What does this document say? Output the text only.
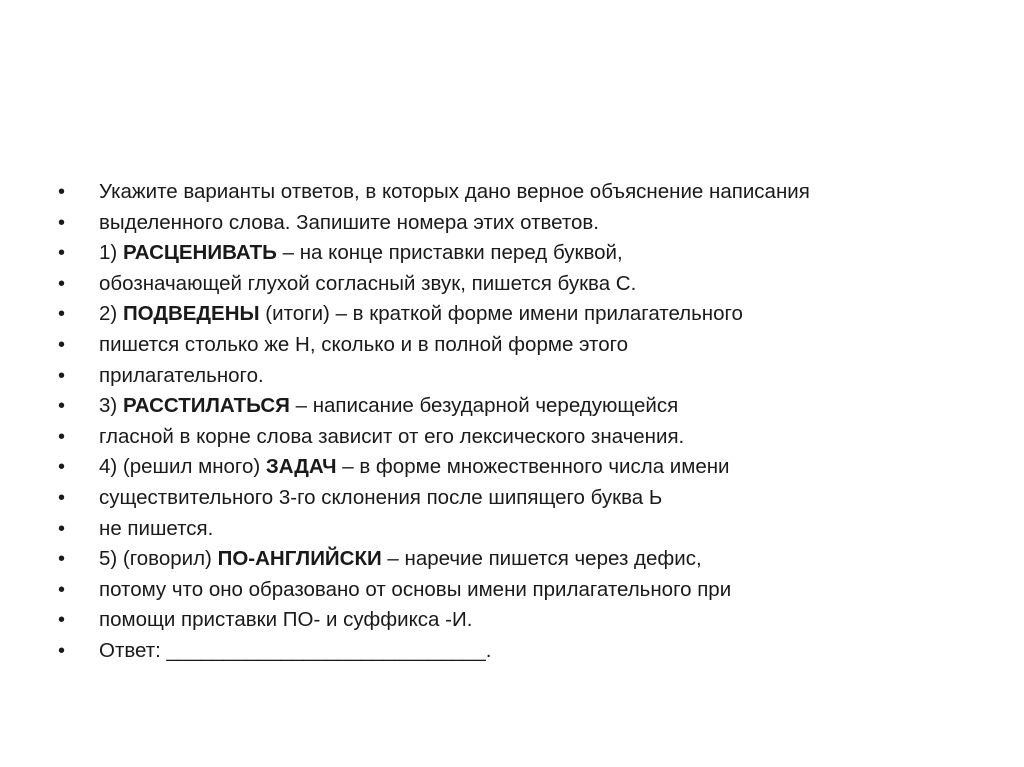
•	Укажите варианты ответов, в которых дано верное объяснение написания
•	выделенного слова. Запишите номера этих ответов.
•	1) РАСЦЕНИВАТЬ – на конце приставки перед буквой,
•	обозначающей глухой согласный звук, пишется буква С.
•	2) ПОДВЕДЕНЫ (итоги) – в краткой форме имени прилагательного
•	пишется столько же Н, сколько и в полной форме этого
•	прилагательного.
•	3) РАССТИЛАТЬСЯ – написание безударной чередующейся
•	гласной в корне слова зависит от его лексического значения.
•	4) (решил много) ЗАДАЧ – в форме множественного числа имени
•	существительного 3-го склонения после шипящего буква Ь
•	не пишется.
•	5) (говорил) ПО-АНГЛИЙСКИ – наречие пишется через дефис,
•	потому что оно образовано от основы имени прилагательного при
•	помощи приставки ПО- и суффикса -И.
•	Ответ: ____________________________.
